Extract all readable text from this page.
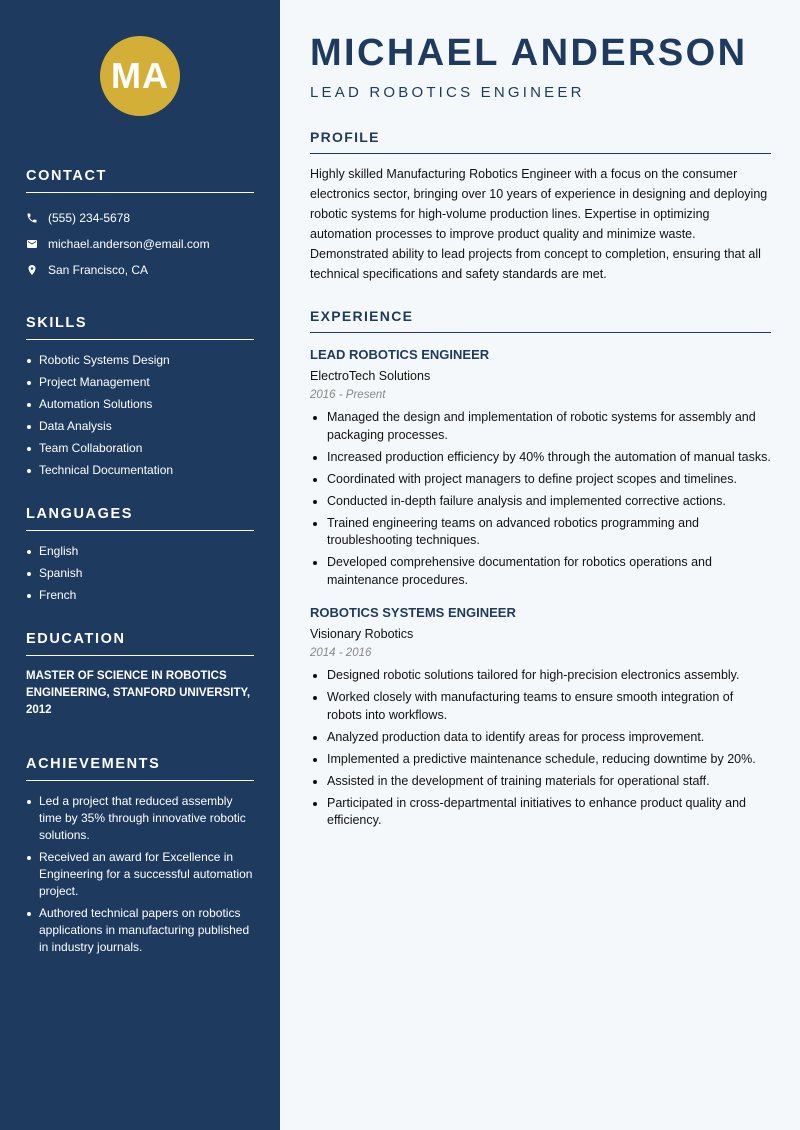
MA
CONTACT
(555) 234-5678
michael.anderson@email.com
San Francisco, CA
SKILLS
Robotic Systems Design
Project Management
Automation Solutions
Data Analysis
Team Collaboration
Technical Documentation
LANGUAGES
English
Spanish
French
EDUCATION
MASTER OF SCIENCE IN ROBOTICS ENGINEERING, STANFORD UNIVERSITY, 2012
ACHIEVEMENTS
Led a project that reduced assembly time by 35% through innovative robotic solutions.
Received an award for Excellence in Engineering for a successful automation project.
Authored technical papers on robotics applications in manufacturing published in industry journals.
MICHAEL ANDERSON
LEAD ROBOTICS ENGINEER
PROFILE
Highly skilled Manufacturing Robotics Engineer with a focus on the consumer electronics sector, bringing over 10 years of experience in designing and deploying robotic systems for high-volume production lines. Expertise in optimizing automation processes to improve product quality and minimize waste. Demonstrated ability to lead projects from concept to completion, ensuring that all technical specifications and safety standards are met.
EXPERIENCE
LEAD ROBOTICS ENGINEER
ElectroTech Solutions
2016 - Present
Managed the design and implementation of robotic systems for assembly and packaging processes.
Increased production efficiency by 40% through the automation of manual tasks.
Coordinated with project managers to define project scopes and timelines.
Conducted in-depth failure analysis and implemented corrective actions.
Trained engineering teams on advanced robotics programming and troubleshooting techniques.
Developed comprehensive documentation for robotics operations and maintenance procedures.
ROBOTICS SYSTEMS ENGINEER
Visionary Robotics
2014 - 2016
Designed robotic solutions tailored for high-precision electronics assembly.
Worked closely with manufacturing teams to ensure smooth integration of robots into workflows.
Analyzed production data to identify areas for process improvement.
Implemented a predictive maintenance schedule, reducing downtime by 20%.
Assisted in the development of training materials for operational staff.
Participated in cross-departmental initiatives to enhance product quality and efficiency.
